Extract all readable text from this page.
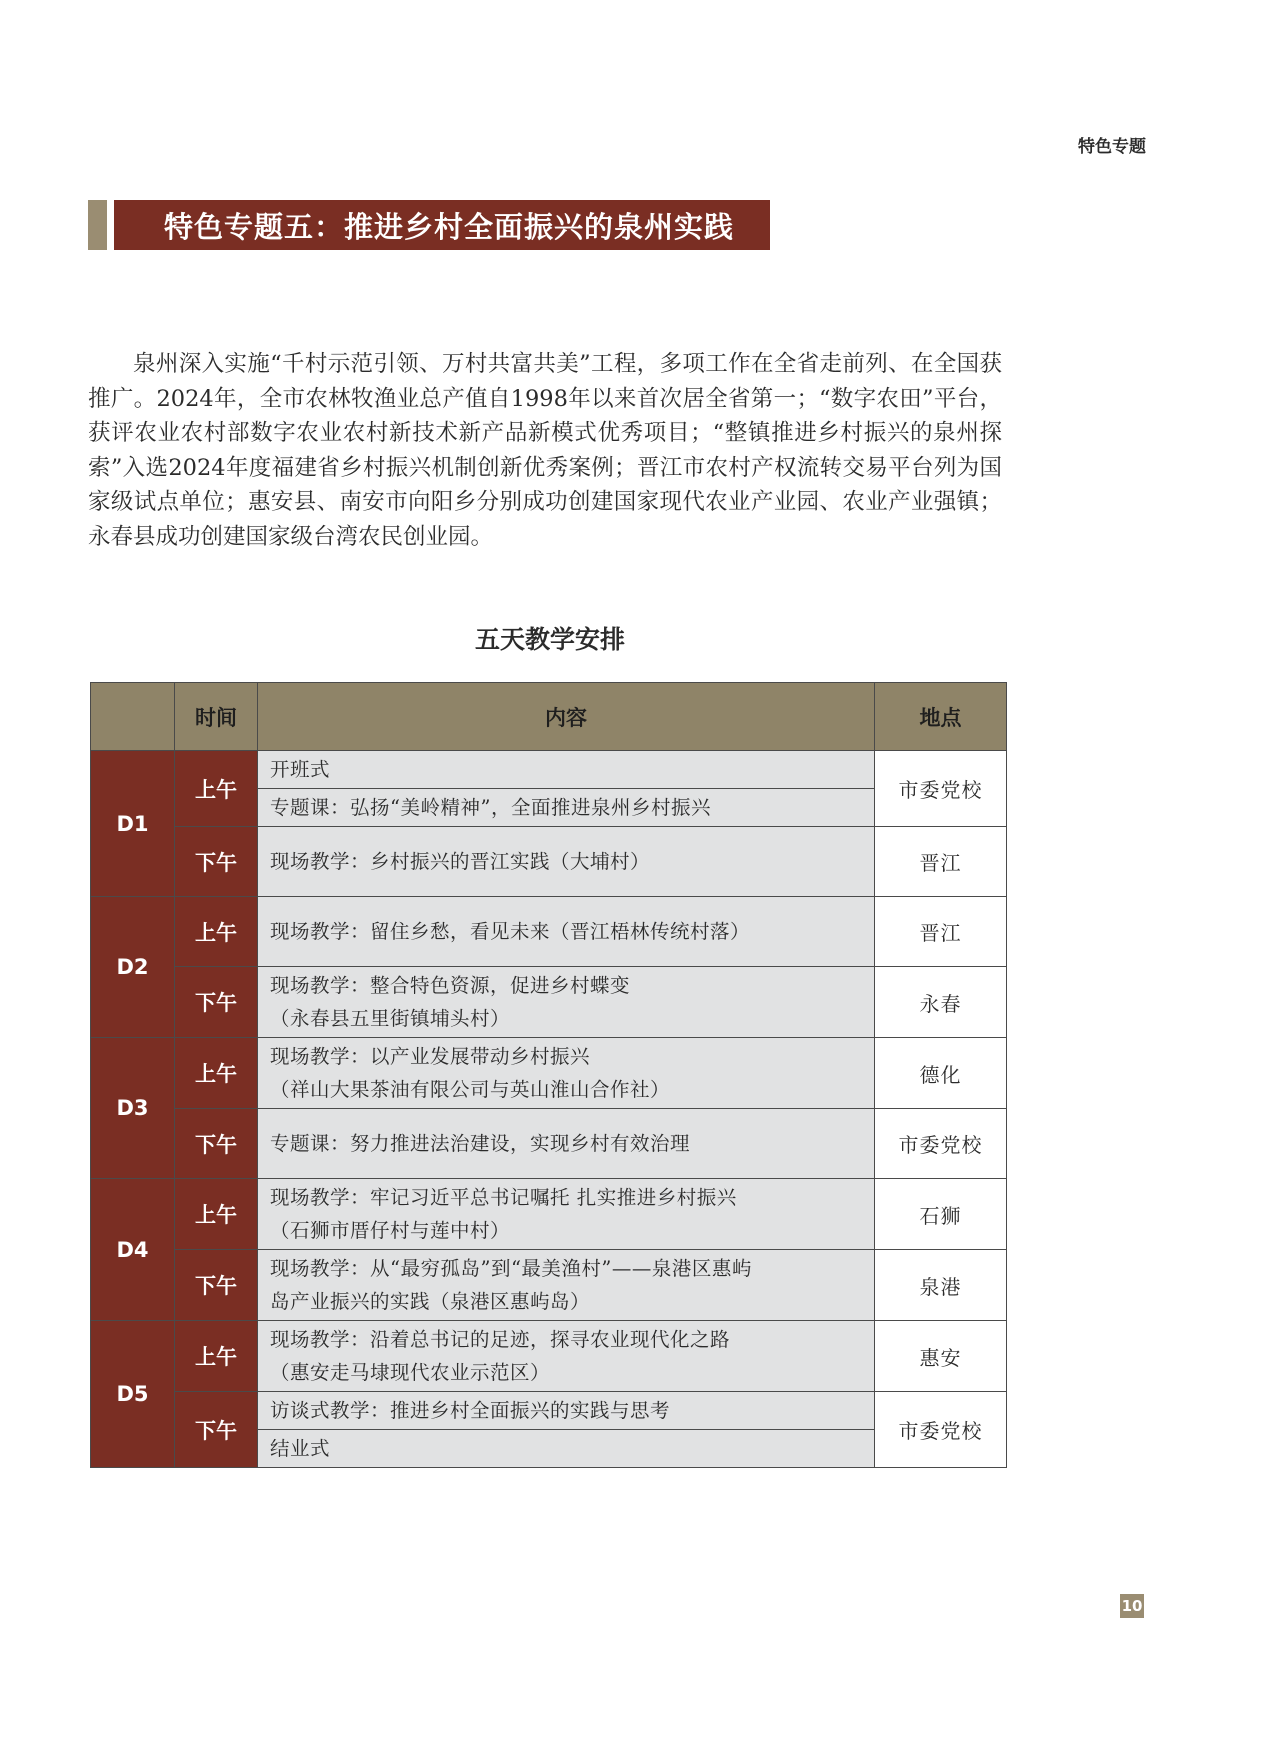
特色专题
特色专题五：推进乡村全面振兴的泉州实践

泉州深入实施“千村示范引领、万村共富共美”工程，多项工作在全省走前列、在全国获推广。2024年，全市农林牧渔业总产值自1998年以来首次居全省第一；“数字农田”平台，获评农业农村部数字农业农村新技术新产品新模式优秀项目；“整镇推进乡村振兴的泉州探索”入选2024年度福建省乡村振兴机制创新优秀案例；晋江市农村产权流转交易平台列为国家级试点单位；惠安县、南安市向阳乡分别成功创建国家现代农业产业园、农业产业强镇；永春县成功创建国家级台湾农民创业园。

五天教学安排
	时间	内容	地点
D1	上午	开班式	市委党校
		专题课：弘扬“美岭精神”，全面推进泉州乡村振兴	
	下午	现场教学：乡村振兴的晋江实践（大埔村）	晋江
D2	上午	现场教学：留住乡愁，看见未来（晋江梧林传统村落）	晋江
	下午	现场教学：整合特色资源，促进乡村蝶变
（永春县五里街镇埔头村）	永春
D3	上午	现场教学：以产业发展带动乡村振兴
（祥山大果茶油有限公司与英山淮山合作社）	德化
	下午	专题课：努力推进法治建设，实现乡村有效治理	市委党校
D4	上午	现场教学：牢记习近平总书记嘱托 扎实推进乡村振兴
（石狮市厝仔村与莲中村）	石狮
	下午	现场教学：从“最穷孤岛”到“最美渔村”——泉港区惠屿
岛产业振兴的实践（泉港区惠屿岛）	泉港
D5	上午	现场教学：沿着总书记的足迹，探寻农业现代化之路
（惠安走马埭现代农业示范区）	惠安
	下午	访谈式教学：推进乡村全面振兴的实践与思考	市委党校
		结业式	
10
